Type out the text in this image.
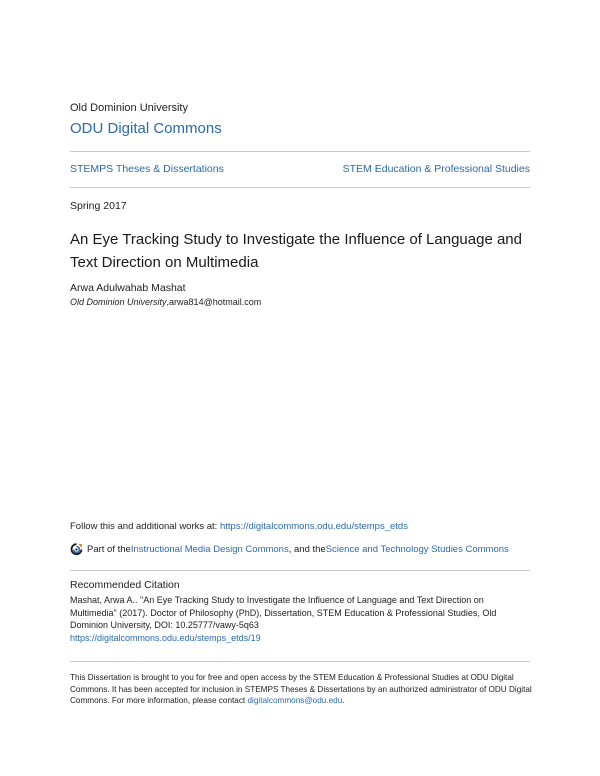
Old Dominion University
ODU Digital Commons
STEMPS Theses & Dissertations	STEM Education & Professional Studies
Spring 2017
An Eye Tracking Study to Investigate the Influence of Language and Text Direction on Multimedia
Arwa Adulwahab Mashat
Old Dominion University,arwa814@hotmail.com
Follow this and additional works at: https://digitalcommons.odu.edu/stemps_etds
Part of the Instructional Media Design Commons , and the Science and Technology Studies Commons
Recommended Citation
Mashat, Arwa A.. "An Eye Tracking Study to Investigate the Influence of Language and Text Direction on Multimedia" (2017). Doctor of Philosophy (PhD), Dissertation, STEM Education & Professional Studies, Old Dominion University, DOI: 10.25777/vawy-5q63
https://digitalcommons.odu.edu/stemps_etds/19
This Dissertation is brought to you for free and open access by the STEM Education & Professional Studies at ODU Digital Commons. It has been accepted for inclusion in STEMPS Theses & Dissertations by an authorized administrator of ODU Digital Commons. For more information, please contact digitalcommons@odu.edu.
